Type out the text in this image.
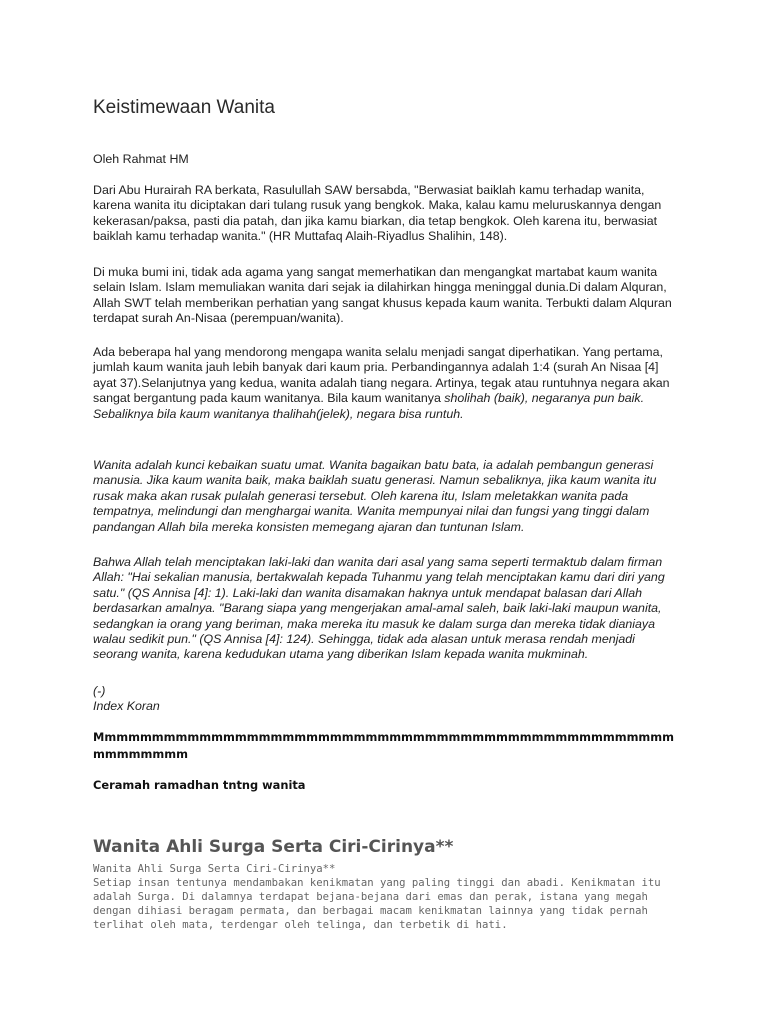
Keistimewaan Wanita

Oleh Rahmat HM

Dari Abu Hurairah RA berkata, Rasulullah SAW bersabda, "Berwasiat baiklah kamu terhadap wanita, karena wanita itu diciptakan dari tulang rusuk yang bengkok. Maka, kalau kamu meluruskannya dengan kekerasan/paksa, pasti dia patah, dan jika kamu biarkan, dia tetap bengkok. Oleh karena itu, berwasiat baiklah kamu terhadap wanita." (HR Muttafaq Alaih-Riyadlus Shalihin, 148).

Di muka bumi ini, tidak ada agama yang sangat memerhatikan dan mengangkat martabat kaum wanita selain Islam. Islam memuliakan wanita dari sejak ia dilahirkan hingga meninggal dunia.Di dalam Alquran, Allah SWT telah memberikan perhatian yang sangat khusus kepada kaum wanita. Terbukti dalam Alquran terdapat surah An-Nisaa (perempuan/wanita).

Ada beberapa hal yang mendorong mengapa wanita selalu menjadi sangat diperhatikan. Yang pertama, jumlah kaum wanita jauh lebih banyak dari kaum pria. Perbandingannya adalah 1:4 (surah An Nisaa [4] ayat 37).Selanjutnya yang kedua, wanita adalah tiang negara. Artinya, tegak atau runtuhnya negara akan sangat bergantung pada kaum wanitanya. Bila kaum wanitanya sholihah (baik), negaranya pun baik. Sebaliknya bila kaum wanitanya thalihah(jelek), negara bisa runtuh.

Wanita adalah kunci kebaikan suatu umat. Wanita bagaikan batu bata, ia adalah pembangun generasi manusia. Jika kaum wanita baik, maka baiklah suatu generasi. Namun sebaliknya, jika kaum wanita itu rusak maka akan rusak pulalah generasi tersebut. Oleh karena itu, Islam meletakkan wanita pada tempatnya, melindungi dan menghargai wanita. Wanita mempunyai nilai dan fungsi yang tinggi dalam pandangan Allah bila mereka konsisten memegang ajaran dan tuntunan Islam.

Bahwa Allah telah menciptakan laki-laki dan wanita dari asal yang sama seperti termaktub dalam firman Allah: "Hai sekalian manusia, bertakwalah kepada Tuhanmu yang telah menciptakan kamu dari diri yang satu." (QS Annisa [4]: 1). Laki-laki dan wanita disamakan haknya untuk mendapat balasan dari Allah berdasarkan amalnya. "Barang siapa yang mengerjakan amal-amal saleh, baik laki-laki maupun wanita, sedangkan ia orang yang beriman, maka mereka itu masuk ke dalam surga dan mereka tidak dianiaya walau sedikit pun." (QS Annisa [4]: 124). Sehingga, tidak ada alasan untuk merasa rendah menjadi seorang wanita, karena kedudukan utama yang diberikan Islam kepada wanita mukminah.

(-)

Index Koran

Mmmmmmmmmmmmmmmmmmmmmmmmmmmmmmmmmmmmmmmmmmmmmmmmmmmmmmmmm

Ceramah ramadhan tntng wanita

Wanita Ahli Surga Serta Ciri-Cirinya**

Wanita Ahli Surga Serta Ciri-Cirinya**

Setiap insan tentunya mendambakan kenikmatan yang paling tinggi dan abadi. Kenikmatan itu adalah Surga. Di dalamnya terdapat bejana-bejana dari emas dan perak, istana yang megah dengan dihiasi beragam permata, dan berbagai macam kenikmatan lainnya yang tidak pernah terlihat oleh mata, terdengar oleh telinga, dan terbetik di hati.
